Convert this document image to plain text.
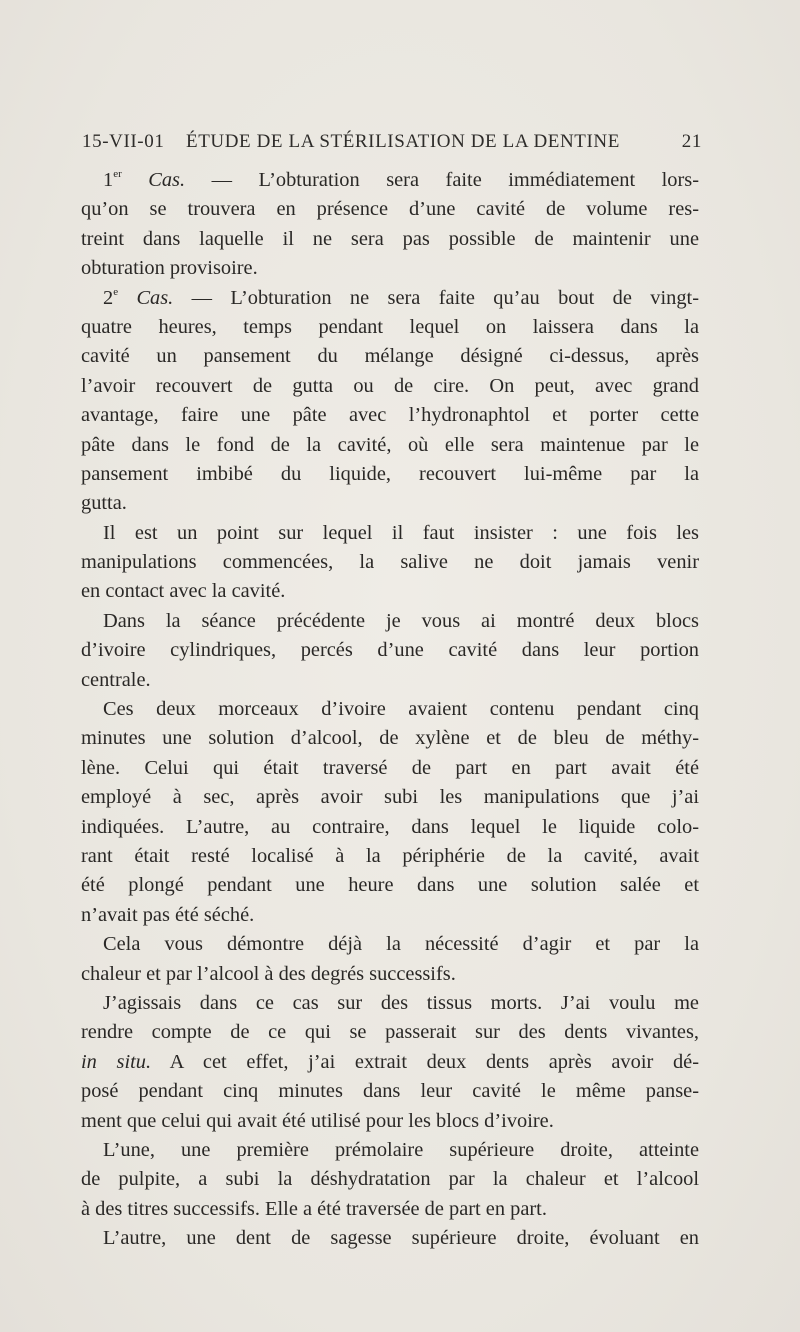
15-VII-01 ÉTUDE DE LA STÉRILISATION DE LA DENTINE	21
1er Cas. — L’obturation sera faite immédiatement lors-
qu’on se trouvera en présence d’une cavité de volume res-
treint dans laquelle il ne sera pas possible de maintenir une
obturation provisoire.
2e Cas. — L’obturation ne sera faite qu’au bout de vingt-
quatre heures, temps pendant lequel on laissera dans la
cavité un pansement du mélange désigné ci-dessus, après
l’avoir recouvert de gutta ou de cire. On peut, avec grand
avantage, faire une pâte avec l’hydronaphtol et porter cette
pâte dans le fond de la cavité, où elle sera maintenue par le
pansement imbibé du liquide, recouvert lui-même par la
gutta.
Il est un point sur lequel il faut insister : une fois les
manipulations commencées, la salive ne doit jamais venir
en contact avec la cavité.
Dans la séance précédente je vous ai montré deux blocs
d’ivoire cylindriques, percés d’une cavité dans leur portion
centrale.
Ces deux morceaux d’ivoire avaient contenu pendant cinq
minutes une solution d’alcool, de xylène et de bleu de méthy-
lène. Celui qui était traversé de part en part avait été
employé à sec, après avoir subi les manipulations que j’ai
indiquées. L’autre, au contraire, dans lequel le liquide colo-
rant était resté localisé à la périphérie de la cavité, avait
été plongé pendant une heure dans une solution salée et
n’avait pas été séché.
Cela vous démontre déjà la nécessité d’agir et par la
chaleur et par l’alcool à des degrés successifs.
J’agissais dans ce cas sur des tissus morts. J’ai voulu me
rendre compte de ce qui se passerait sur des dents vivantes,
in situ. A cet effet, j’ai extrait deux dents après avoir dé-
posé pendant cinq minutes dans leur cavité le même panse-
ment que celui qui avait été utilisé pour les blocs d’ivoire.
L’une, une première prémolaire supérieure droite, atteinte
de pulpite, a subi la déshydratation par la chaleur et l’alcool
à des titres successifs. Elle a été traversée de part en part.
L’autre, une dent de sagesse supérieure droite, évoluant en
